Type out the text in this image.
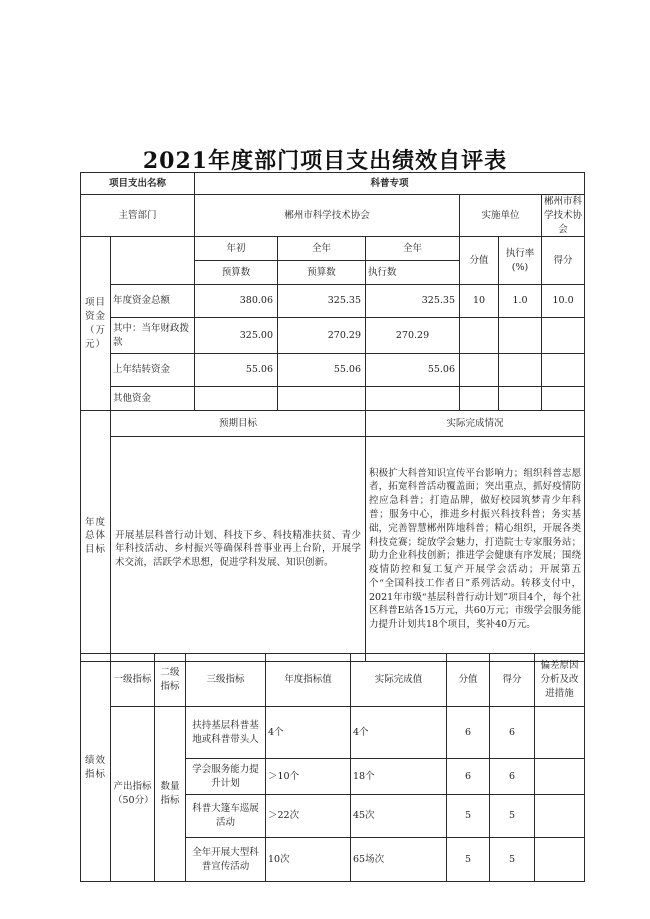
2021年度部门项目支出绩效自评表
项目支出名称		科普专项					
主管部门		郴州市科学技术协会			实施单位		郴州市科学技术协会
项目资金（万元）		年初	全年	全年	分值	执行率(%)	得分
		预算数	预算数	执行数			
	年度资金总额	380.06	325.35	325.35	10	1.0	10.0
	其中：当年财政拨款	325.00	270.29	270.29			
	上年结转资金	55.06	55.06	55.06			
	其他资金						
年度总体目标	预期目标			实际完成情况			
	开展基层科普行动计划、科技下乡、科技精准扶贫、青少年科技活动、乡村振兴等确保科普事业再上台阶，开展学术交流，活跃学术思想，促进学科发展、知识创新。			积极扩大科普知识宣传平台影响力；组织科普志愿者，拓宽科普活动覆盖面；突出重点，抓好疫情防控应急科普；打造品牌，做好校园筑梦青少年科普；服务中心，推进乡村振兴科技科普；务实基础，完善智慧郴州阵地科普；精心组织，开展各类科技竞赛；绽放学会魅力，打造院士专家服务站；助力企业科技创新；推进学会健康有序发展；围绕疫情防控和复工复产开展学会活动；开展第五个“全国科技工作者日”系列活动。转移支付中，2021年市级“基层科普行动计划”项目4个，每个社区科普E站各15万元，共60万元；市级学会服务能力提升计划共18个项目，奖补40万元。			
绩效指标	一级指标	二级指标	三级指标	年度指标值	实际完成值	分值	得分	偏差原因分析及改进措施
	产出指标（50分）	数量指标	扶持基层科普基地或科普带头人	4个	4个	6	6	
			学会服务能力提升计划	＞10个	18个	6	6	
			科普大篷车巡展活动	＞22次	45次	5	5	
			全年开展大型科普宣传活动	10次	65场次	5	5	
